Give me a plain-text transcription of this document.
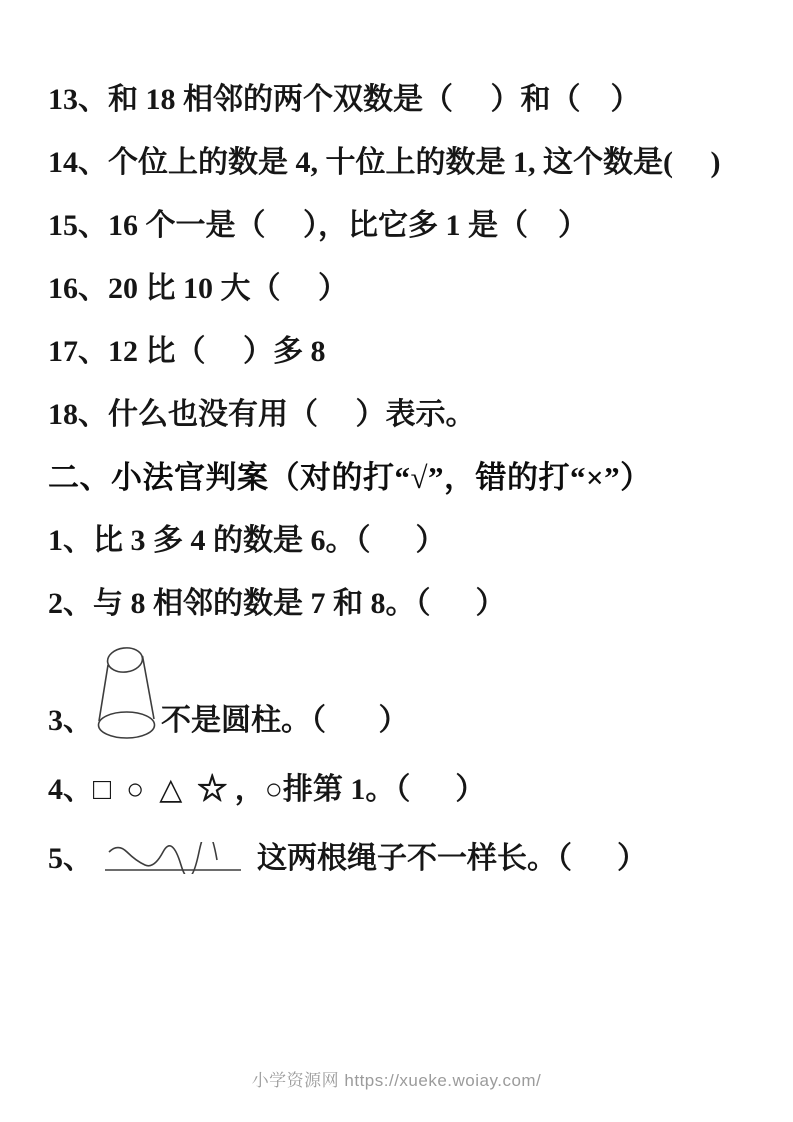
13、和 18 相邻的两个双数是（     ）和（    ）

14、个位上的数是 4, 十位上的数是 1, 这个数是(     )

15、16 个一是（     ），比它多 1 是（    ）

16、20 比 10 大（     ）

17、12 比（     ）多 8

18、什么也没有用（     ）表示。

二、小法官判案（对的打“√”，错的打“×”）

1、比 3 多 4 的数是 6。（      ）

2、与 8 相邻的数是 7 和 8。（      ）

3、 不是圆柱。（       ）

4、□  ○  △  ☆ ，○排第 1。（      ）

5、	这两根绳子不一样长。（      ）
小学资源网 https://xueke.woiay.com/
